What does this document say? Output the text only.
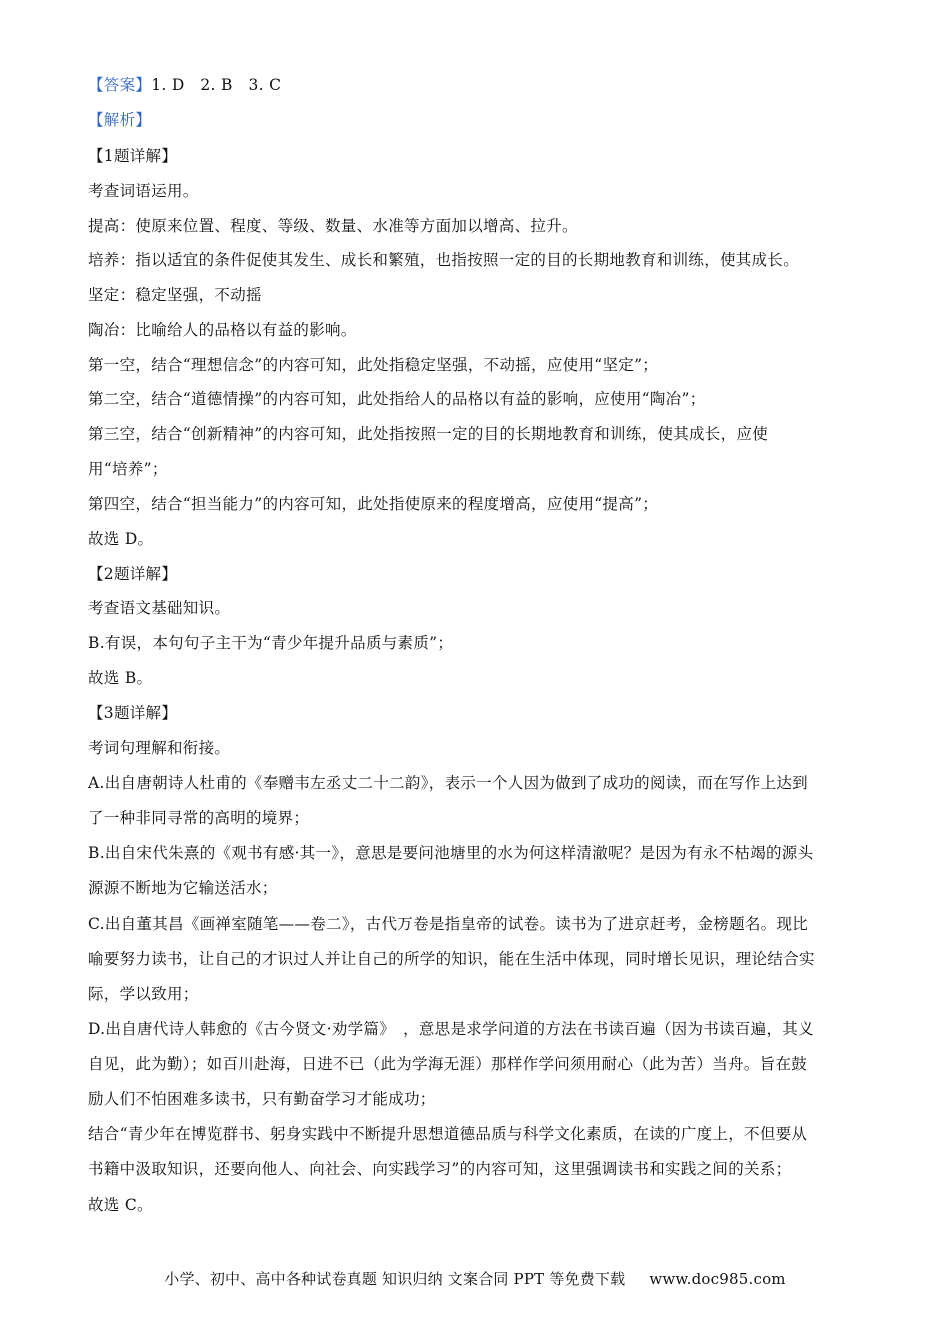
【答案】1. D　2. B　3. C
【解析】
【1题详解】
考查词语运用。
提高：使原来位置、程度、等级、数量、水准等方面加以增高、拉升。
培养：指以适宜的条件促使其发生、成长和繁殖，也指按照一定的目的长期地教育和训练，使其成长。
坚定：稳定坚强，不动摇
陶冶：比喻给人的品格以有益的影响。
第一空，结合“理想信念”的内容可知，此处指稳定坚强，不动摇，应使用“坚定”；
第二空，结合“道德情操”的内容可知，此处指给人的品格以有益的影响，应使用“陶冶”；
第三空，结合“创新精神”的内容可知，此处指按照一定的目的长期地教育和训练，使其成长，应使
用“培养”；
第四空，结合“担当能力”的内容可知，此处指使原来的程度增高，应使用“提高”；
故选 D。
【2题详解】
考查语文基础知识。
B.有误，本句句子主干为“青少年提升品质与素质”；
故选 B。
【3题详解】
考词句理解和衔接。
A.出自唐朝诗人杜甫的《奉赠韦左丞丈二十二韵》，表示一个人因为做到了成功的阅读，而在写作上达到
了一种非同寻常的高明的境界；
B.出自宋代朱熹的《观书有感·其一》，意思是要问池塘里的水为何这样清澈呢？是因为有永不枯竭的源头
源源不断地为它输送活水；
C.出自董其昌《画禅室随笔——卷二》，古代万卷是指皇帝的试卷。读书为了进京赶考，金榜题名。现比
喻要努力读书，让自己的才识过人并让自己的所学的知识，能在生活中体现，同时增长见识，理论结合实
际，学以致用；
D.出自唐代诗人韩愈的《古今贤文·劝学篇》　，意思是求学问道的方法在书读百遍（因为书读百遍，其义
自见，此为勤）；如百川赴海，日进不已（此为学海无涯）那样作学问须用耐心（此为苦）当舟。旨在鼓
励人们不怕困难多读书，只有勤奋学习才能成功；
结合“青少年在博览群书、躬身实践中不断提升思想道德品质与科学文化素质，在读的广度上，不但要从
书籍中汲取知识，还要向他人、向社会、向实践学习”的内容可知，这里强调读书和实践之间的关系；
故选 C。
小学、初中、高中各种试卷真题 知识归纳 文案合同 PPT 等免费下载 www.doc985.com
